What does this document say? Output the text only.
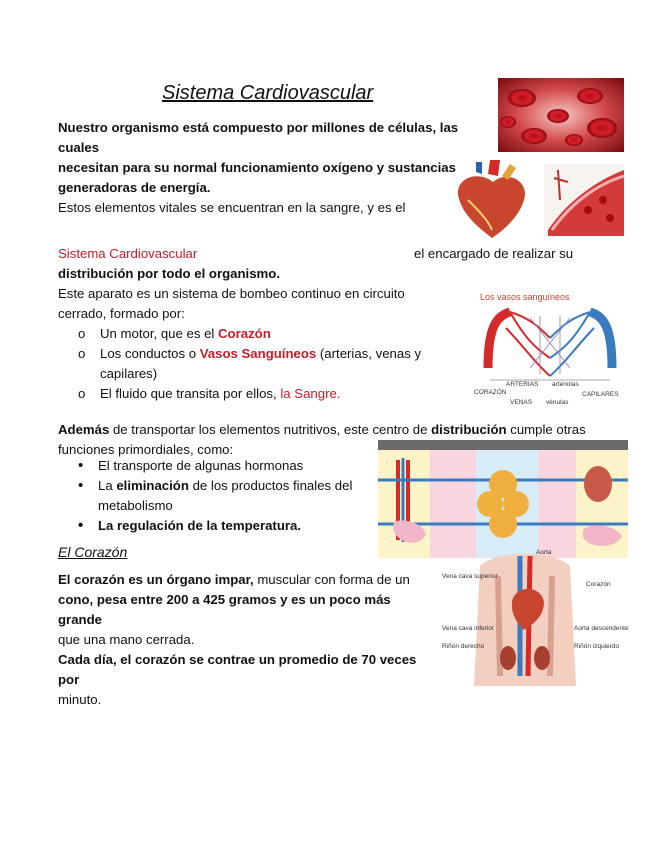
Sistema Cardiovascular
Nuestro organismo está compuesto por millones de células, las cuales
necesitan para su normal funcionamiento oxígeno y sustancias
generadoras de energía.
Estos elementos vitales se encuentran en la sangre, y es el
Sistema Cardiovascular	el encargado de realizar su
distribución por todo el organismo.
Este aparato es un sistema de bombeo continuo en circuito
cerrado, formado por:
o Un motor, que es el Corazón
o Los conductos o Vasos Sanguíneos (arterias, venas y
capilares)
o El fluido que transita por ellos, la Sangre.
Además de transportar los elementos nutritivos, este centro de distribución cumple otras
funciones primordiales, como:
• El transporte de algunas hormonas
• La eliminación de los productos finales del
metabolismo
• La regulación de la temperatura.
El Corazón
El corazón es un órgano impar, muscular con forma de un
cono, pesa entre 200 a 425 gramos y es un poco más grande
que una mano cerrada.
Cada día, el corazón se contrae un promedio de 70 veces por
minuto.
Los vasos sanguíneos
ARTERIAS arteriolas
CORAZÓN	CAPILARES
VENAS vénulas
Aorta
Vena cava superior
Corazón
Vena cava inferior	Aorta descendente
Riñón derecho	Riñón izquierdo
